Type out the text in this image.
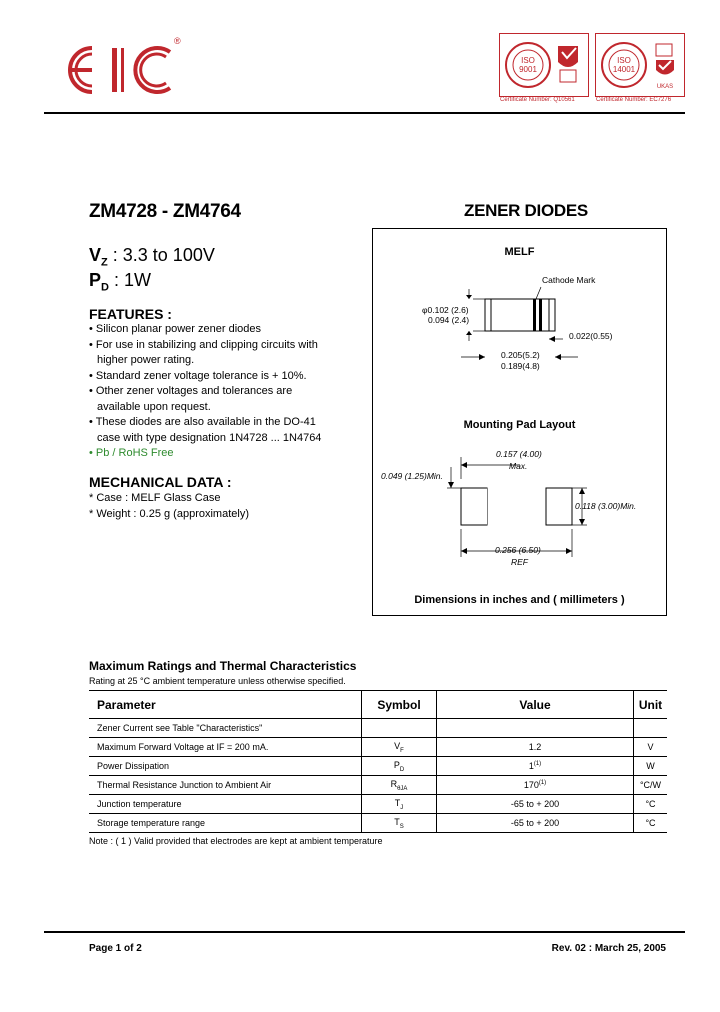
®
ISO
9001
Certificate Number: Q10561
ISO
14001
UKAS
Certificate Number: EC7276
ZM4728 - ZM4764	ZENER DIODES
$V_Z$ : 3.3 to 100V
$P_D$ : 1W
FEATURES :
• Silicon planar power zener diodes
• For use in stabilizing and clipping circuits with
higher power rating.
• Standard zener voltage tolerance is + 10%.
• Other zener voltages and tolerances are
available upon request.
• These diodes are also available in the DO-41
case with type designation 1N4728 ... 1N4764
• Pb / RoHS Free
MECHANICAL DATA :
* Case : MELF Glass Case
* Weight : 0.25 g (approximately)
MELF
Cathode Mark
φ0.102 (2.6)
0.094 (2.4)
0.022(0.55)
0.205(5.2)
0.189(4.8)
Mounting Pad Layout
0.157 (4.00)
Max.
0.049 (1.25)Min.
0.118 (3.00)Min.
0.256 (6.50)
REF
Dimensions in inches and ( millimeters )
Maximum Ratings and Thermal Characteristics
Rating at 25 °C ambient temperature unless otherwise specified.
Parameter	Symbol	Value	Unit
Zener Current see Table "Characteristics"			
Maximum Forward Voltage at IF = 200 mA.	$V_F$	1.2	V
Power Dissipation	$P_D$	1$^{(1)}$	W
Thermal Resistance Junction to Ambient Air	$R_{\theta JA}$	170$^{(1)}$	°C/W
Junction temperature	$T_J$	-65 to + 200	°C
Storage temperature range	$T_S$	-65 to + 200	°C
Note : ( 1 ) Valid provided that electrodes are kept at ambient temperature
Page 1 of 2	Rev. 02 : March 25, 2005
